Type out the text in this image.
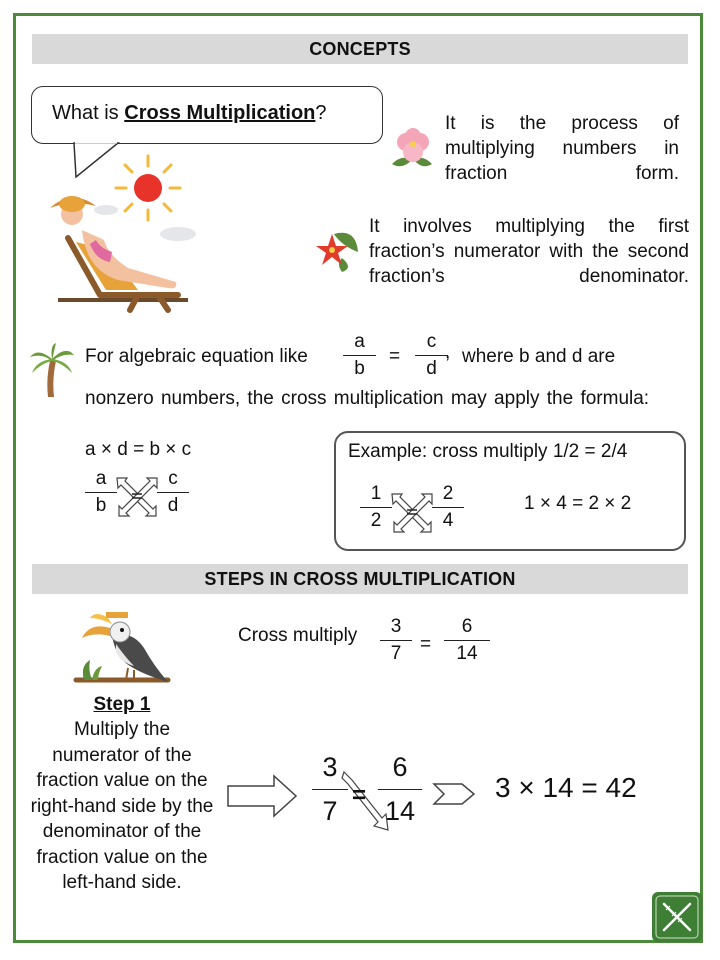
CONCEPTS
What is Cross Multiplication?	It is the process of multiplying numbers in fraction form.
It involves multiplying the first fraction’s numerator with the second fraction’s denominator.
For algebraic equation like
a
b
=
c
d
, where b and d are
nonzero numbers, the cross multiplication may apply the formula:
a × d = b × c
a
b
c
d
Example: cross multiply 1/2 = 2/4
1
2
2
4
1 × 4 = 2 × 2
STEPS IN CROSS MULTIPLICATION
Step 1
Multiply the numerator of the fraction value on the right-hand side by the denominator of the fraction value on the left-hand side.
Cross multiply	3
7 =
6
14
3
7
=
6
14
3 × 14 = 42
